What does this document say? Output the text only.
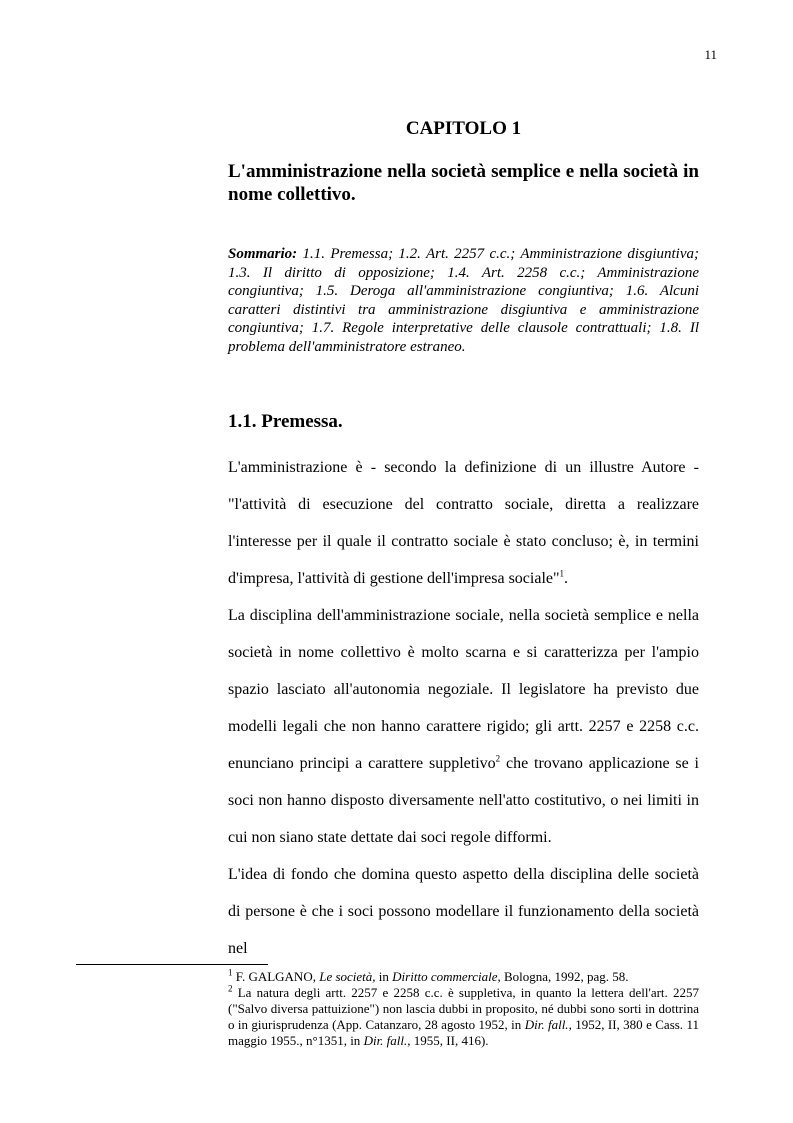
11
CAPITOLO 1
L'amministrazione nella società semplice e nella società in nome collettivo.
Sommario: 1.1. Premessa; 1.2. Art. 2257 c.c.; Amministrazione disgiuntiva; 1.3. Il diritto di opposizione; 1.4. Art. 2258 c.c.; Amministrazione congiuntiva; 1.5. Deroga all'amministrazione congiuntiva; 1.6. Alcuni caratteri distintivi tra amministrazione disgiuntiva e amministrazione congiuntiva; 1.7. Regole interpretative delle clausole contrattuali; 1.8. Il problema dell'amministratore estraneo.
1.1. Premessa.

L'amministrazione è - secondo la definizione di un illustre Autore - "l'attività di esecuzione del contratto sociale, diretta a realizzare l'interesse per il quale il contratto sociale è stato concluso; è, in termini d'impresa, l'attività di gestione dell'impresa sociale"$^1$.

La disciplina dell'amministrazione sociale, nella società semplice e nella società in nome collettivo è molto scarna e si caratterizza per l'ampio spazio lasciato all'autonomia negoziale. Il legislatore ha previsto due modelli legali che non hanno carattere rigido; gli artt. 2257 e 2258 c.c. enunciano principi a carattere suppletivo$^2$ che trovano applicazione se i soci non hanno disposto diversamente nell'atto costitutivo, o nei limiti in cui non siano state dettate dai soci regole difformi.

L'idea di fondo che domina questo aspetto della disciplina delle società di persone è che i soci possono modellare il funzionamento della società nel

$^1$ F. GALGANO, Le società, in Diritto commerciale, Bologna, 1992, pag. 58.

$^2$ La natura degli artt. 2257 e 2258 c.c. è suppletiva, in quanto la lettera dell'art. 2257 ("Salvo diversa pattuizione") non lascia dubbi in proposito, né dubbi sono sorti in dottrina o in giurisprudenza (App. Catanzaro, 28 agosto 1952, in Dir. fall., 1952, II, 380 e Cass. 11 maggio 1955., n°1351, in Dir. fall., 1955, II, 416).
